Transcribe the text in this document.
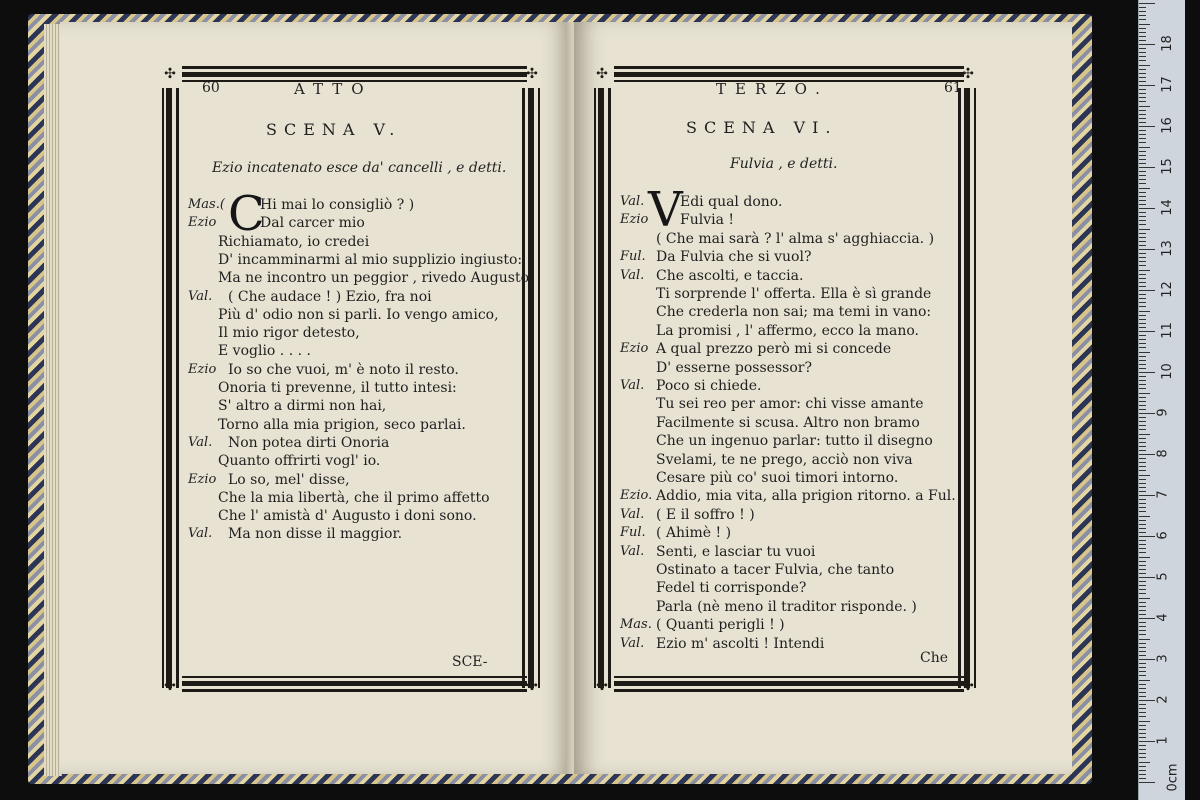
✣	✣
✣	✣
60	ATTO
SCENA V.
Ezio incatenato esce da' cancelli , e detti.
C
Mas.(	Hi mai lo consigliò ? )
Ezio	Dal carcer mio
Richiamato, io credei
D' incamminarmi al mio supplizio ingiusto:
Ma ne incontro un peggior , rivedo Augusto.
Val. ( Che audace ! ) Ezio, fra noi
Più d' odio non si parli. Io vengo amico,
Il mio rigor detesto,
E voglio . . . .
Ezio Io so che vuoi, m' è noto il resto.
Onoria ti prevenne, il tutto intesi:
S' altro a dirmi non hai,
Torno alla mia prigion, seco parlai.
Val. Non potea dirti Onoria
Quanto offrirti vogl' io.
Ezio Lo so, mel' disse,
Che la mia libertà, che il primo affetto
Che l' amistà d' Augusto i doni sono.
Val. Ma non disse il maggior.
SCE-
✣	✣
✣	✣
TERZO.	61
SCENA VI.
Fulvia , e detti.
V
Val.	Edi qual dono.
Ezio Fulvia !
( Che mai sarà ? l' alma s' agghiaccia. )
Ful. Da Fulvia che si vuol?
Val. Che ascolti, e taccia.
Ti sorprende l' offerta. Ella è sì grande
Che crederla non sai; ma temi in vano:
La promisi , l' affermo, ecco la mano.
Ezio A qual prezzo però mi si concede
D' esserne possessor?
Val. Poco si chiede.
Tu sei reo per amor: chi visse amante
Facilmente si scusa. Altro non bramo
Che un ingenuo parlar: tutto il disegno
Svelami, te ne prego, acciò non viva
Cesare più co' suoi timori intorno.
Ezio. Addio, mia vita, alla prigion ritorno. a Ful.
Val. ( E il soffro ! )
Ful. ( Ahimè ! )
Val. Senti, e lasciar tu vuoi
Ostinato a tacer Fulvia, che tanto
Fedel ti corrisponde?
Parla (nè meno il traditor risponde. )
Mas. ( Quanti perigli ! )
Val. Ezio m' ascolti ! Intendi
Che
0cm
1
2
3
4
5
6
7
8
9
10
11
12
13
14
15
16
17
18
